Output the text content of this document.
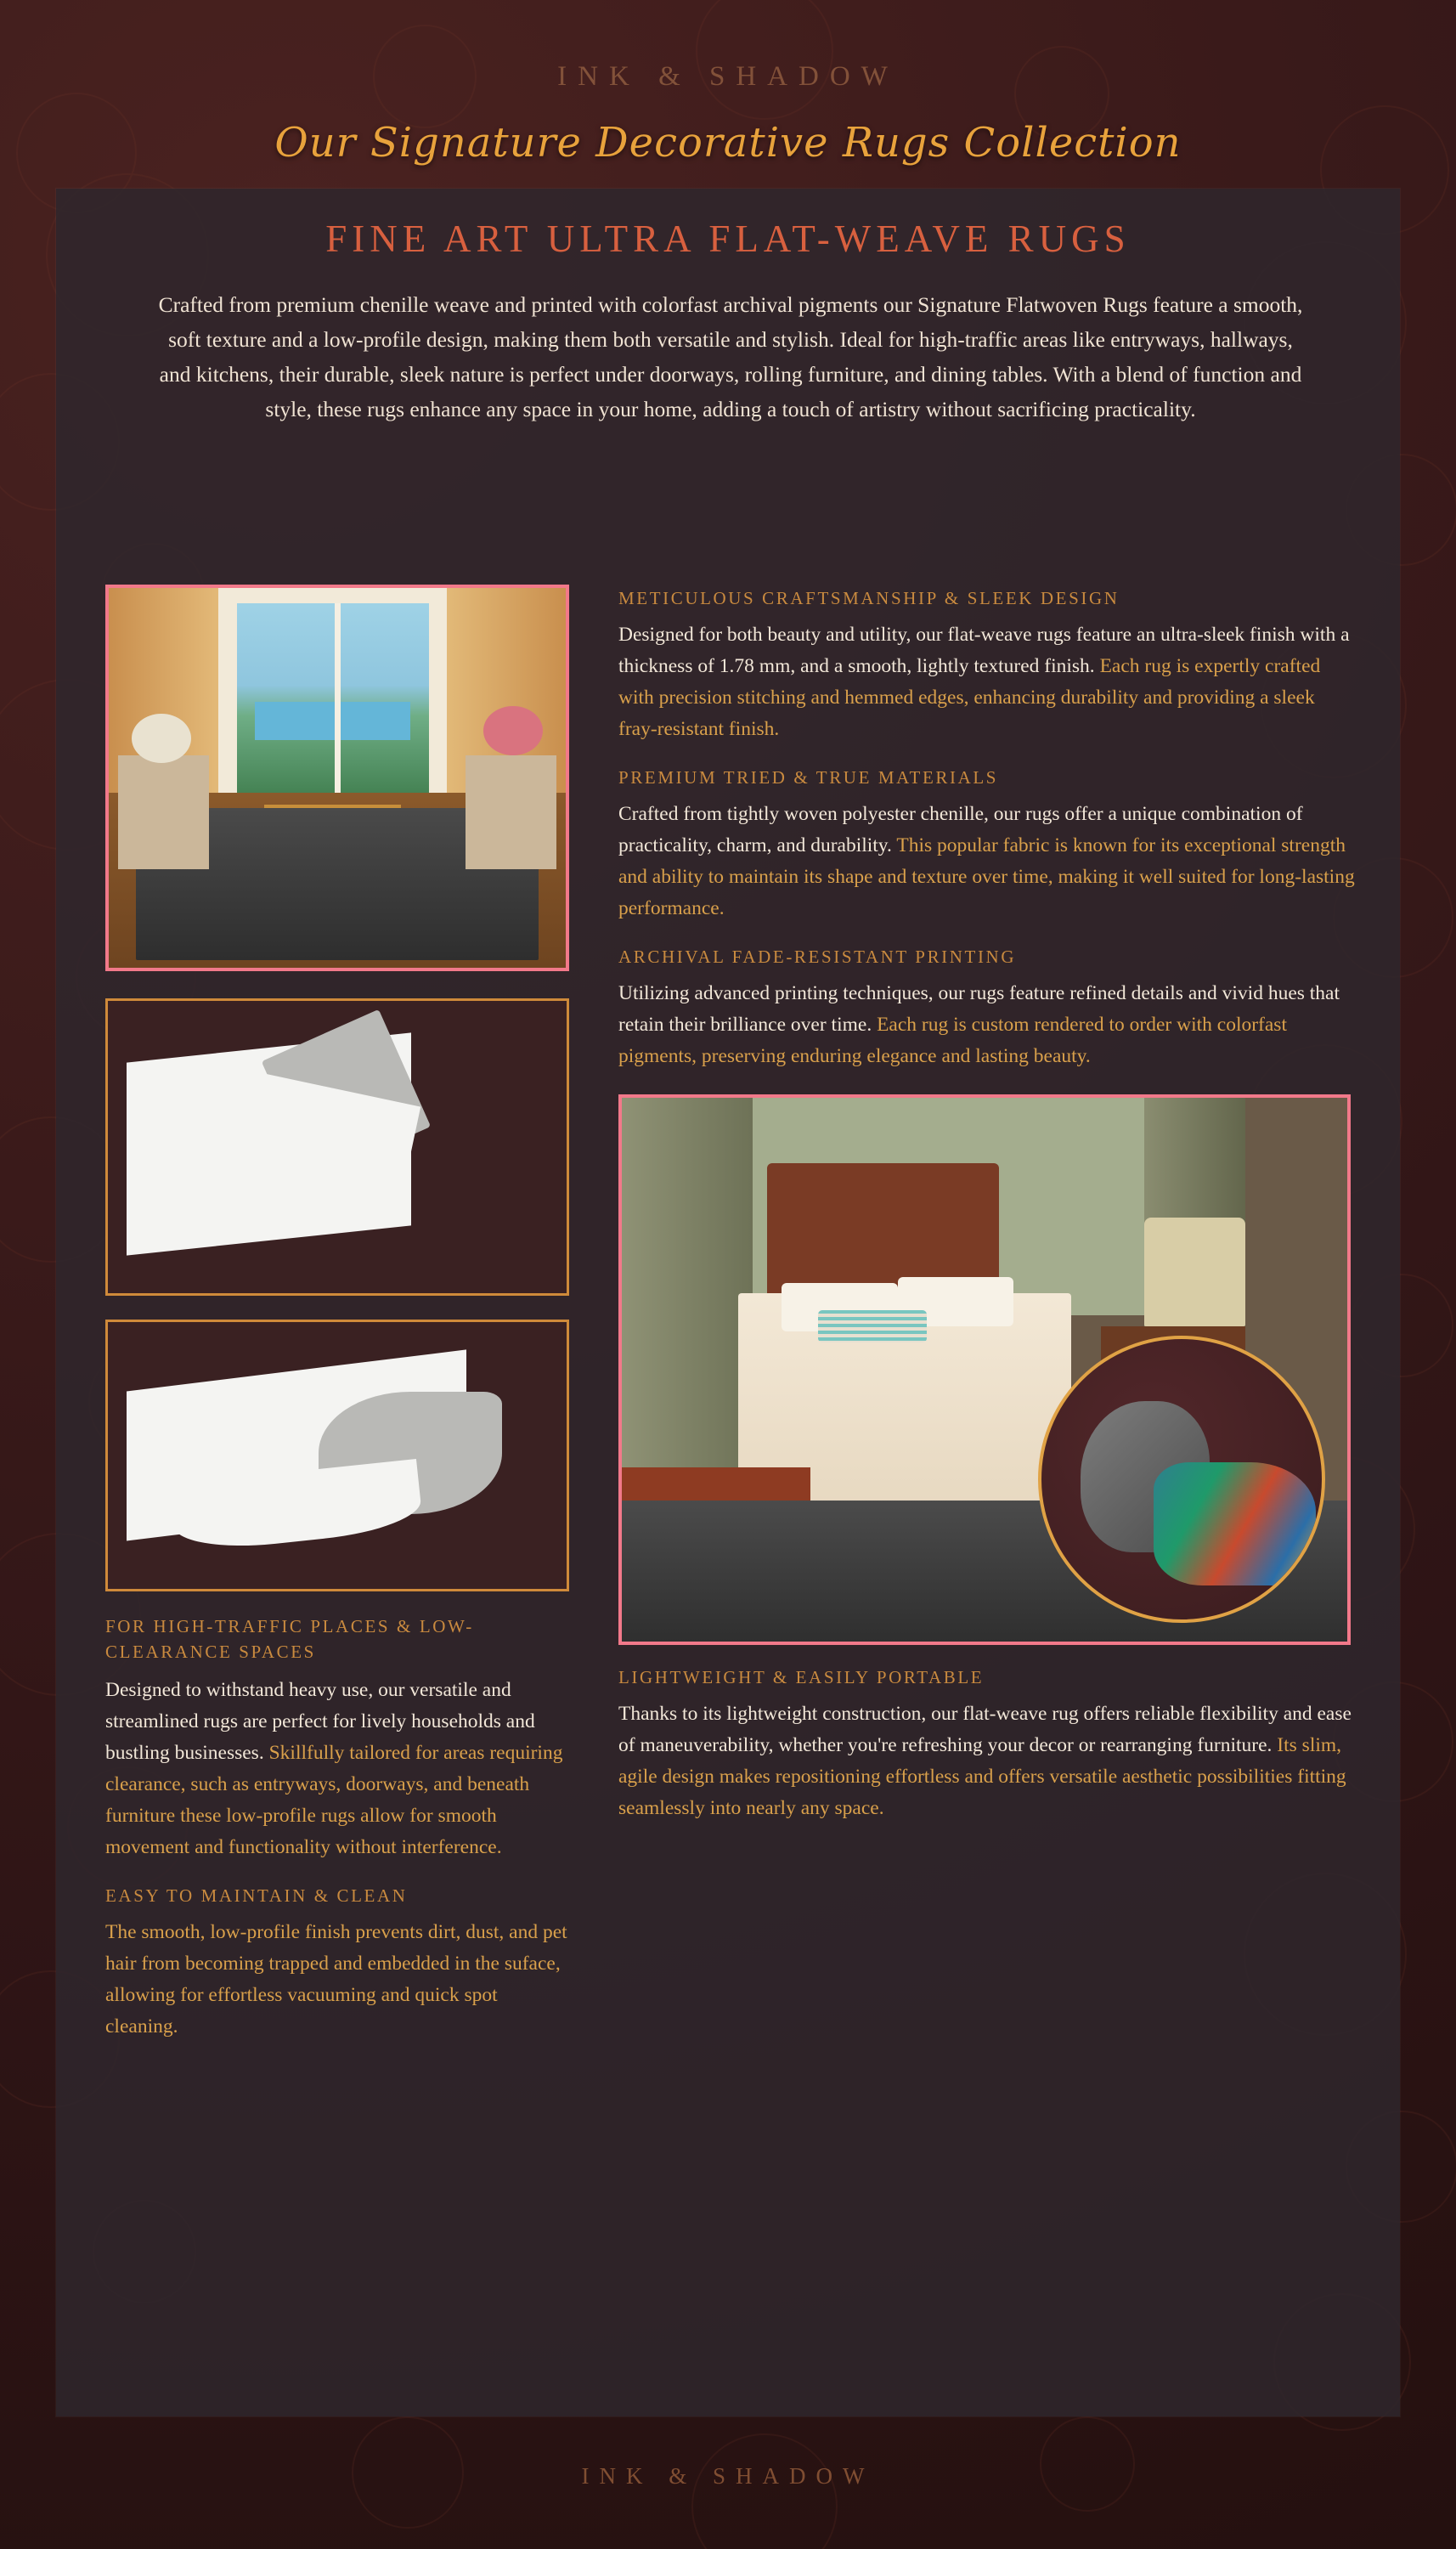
INK & SHADOW
Our Signature Decorative Rugs Collection
FINE ART ULTRA FLAT-WEAVE RUGS
Crafted from premium chenille weave and printed with colorfast archival pigments our Signature Flatwoven Rugs feature a smooth, soft texture and a low-profile design, making them both versatile and stylish. Ideal for high-traffic areas like entryways, hallways, and kitchens, their durable, sleek nature is perfect under doorways, rolling furniture, and dining tables. With a blend of function and style, these rugs enhance any space in your home, adding a touch of artistry without sacrificing practicality.
FOR HIGH-TRAFFIC PLACES & LOW-CLEARANCE SPACES

Designed to withstand heavy use, our versatile and streamlined rugs are perfect for lively households and bustling businesses. Skillfully tailored for areas requiring clearance, such as entryways, doorways, and beneath furniture these low-profile rugs allow for smooth movement and functionality without interference.

EASY TO MAINTAIN & CLEAN

The smooth, low-profile finish prevents dirt, dust, and pet hair from becoming trapped and embedded in the suface, allowing for effortless vacuuming and quick spot cleaning.

METICULOUS CRAFTSMANSHIP & SLEEK DESIGN

Designed for both beauty and utility, our flat-weave rugs feature an ultra-sleek finish with a thickness of 1.78 mm, and a smooth, lightly textured finish. Each rug is expertly crafted with precision stitching and hemmed edges, enhancing durability and providing a sleek fray-resistant finish.

PREMIUM TRIED & TRUE MATERIALS

Crafted from tightly woven polyester chenille, our rugs offer a unique combination of practicality, charm, and durability. This popular fabric is known for its exceptional strength and ability to maintain its shape and texture over time, making it well suited for long-lasting performance.

ARCHIVAL FADE-RESISTANT PRINTING

Utilizing advanced printing techniques, our rugs feature refined details and vivid hues that retain their brilliance over time. Each rug is custom rendered to order with colorfast pigments, preserving enduring elegance and lasting beauty.

LIGHTWEIGHT & EASILY PORTABLE

Thanks to its lightweight construction, our flat-weave rug offers reliable flexibility and ease of maneuverability, whether you're refreshing your decor or rearranging furniture. Its slim, agile design makes repositioning effortless and offers versatile aesthetic possibilities fitting seamlessly into nearly any space.

INK & SHADOW
